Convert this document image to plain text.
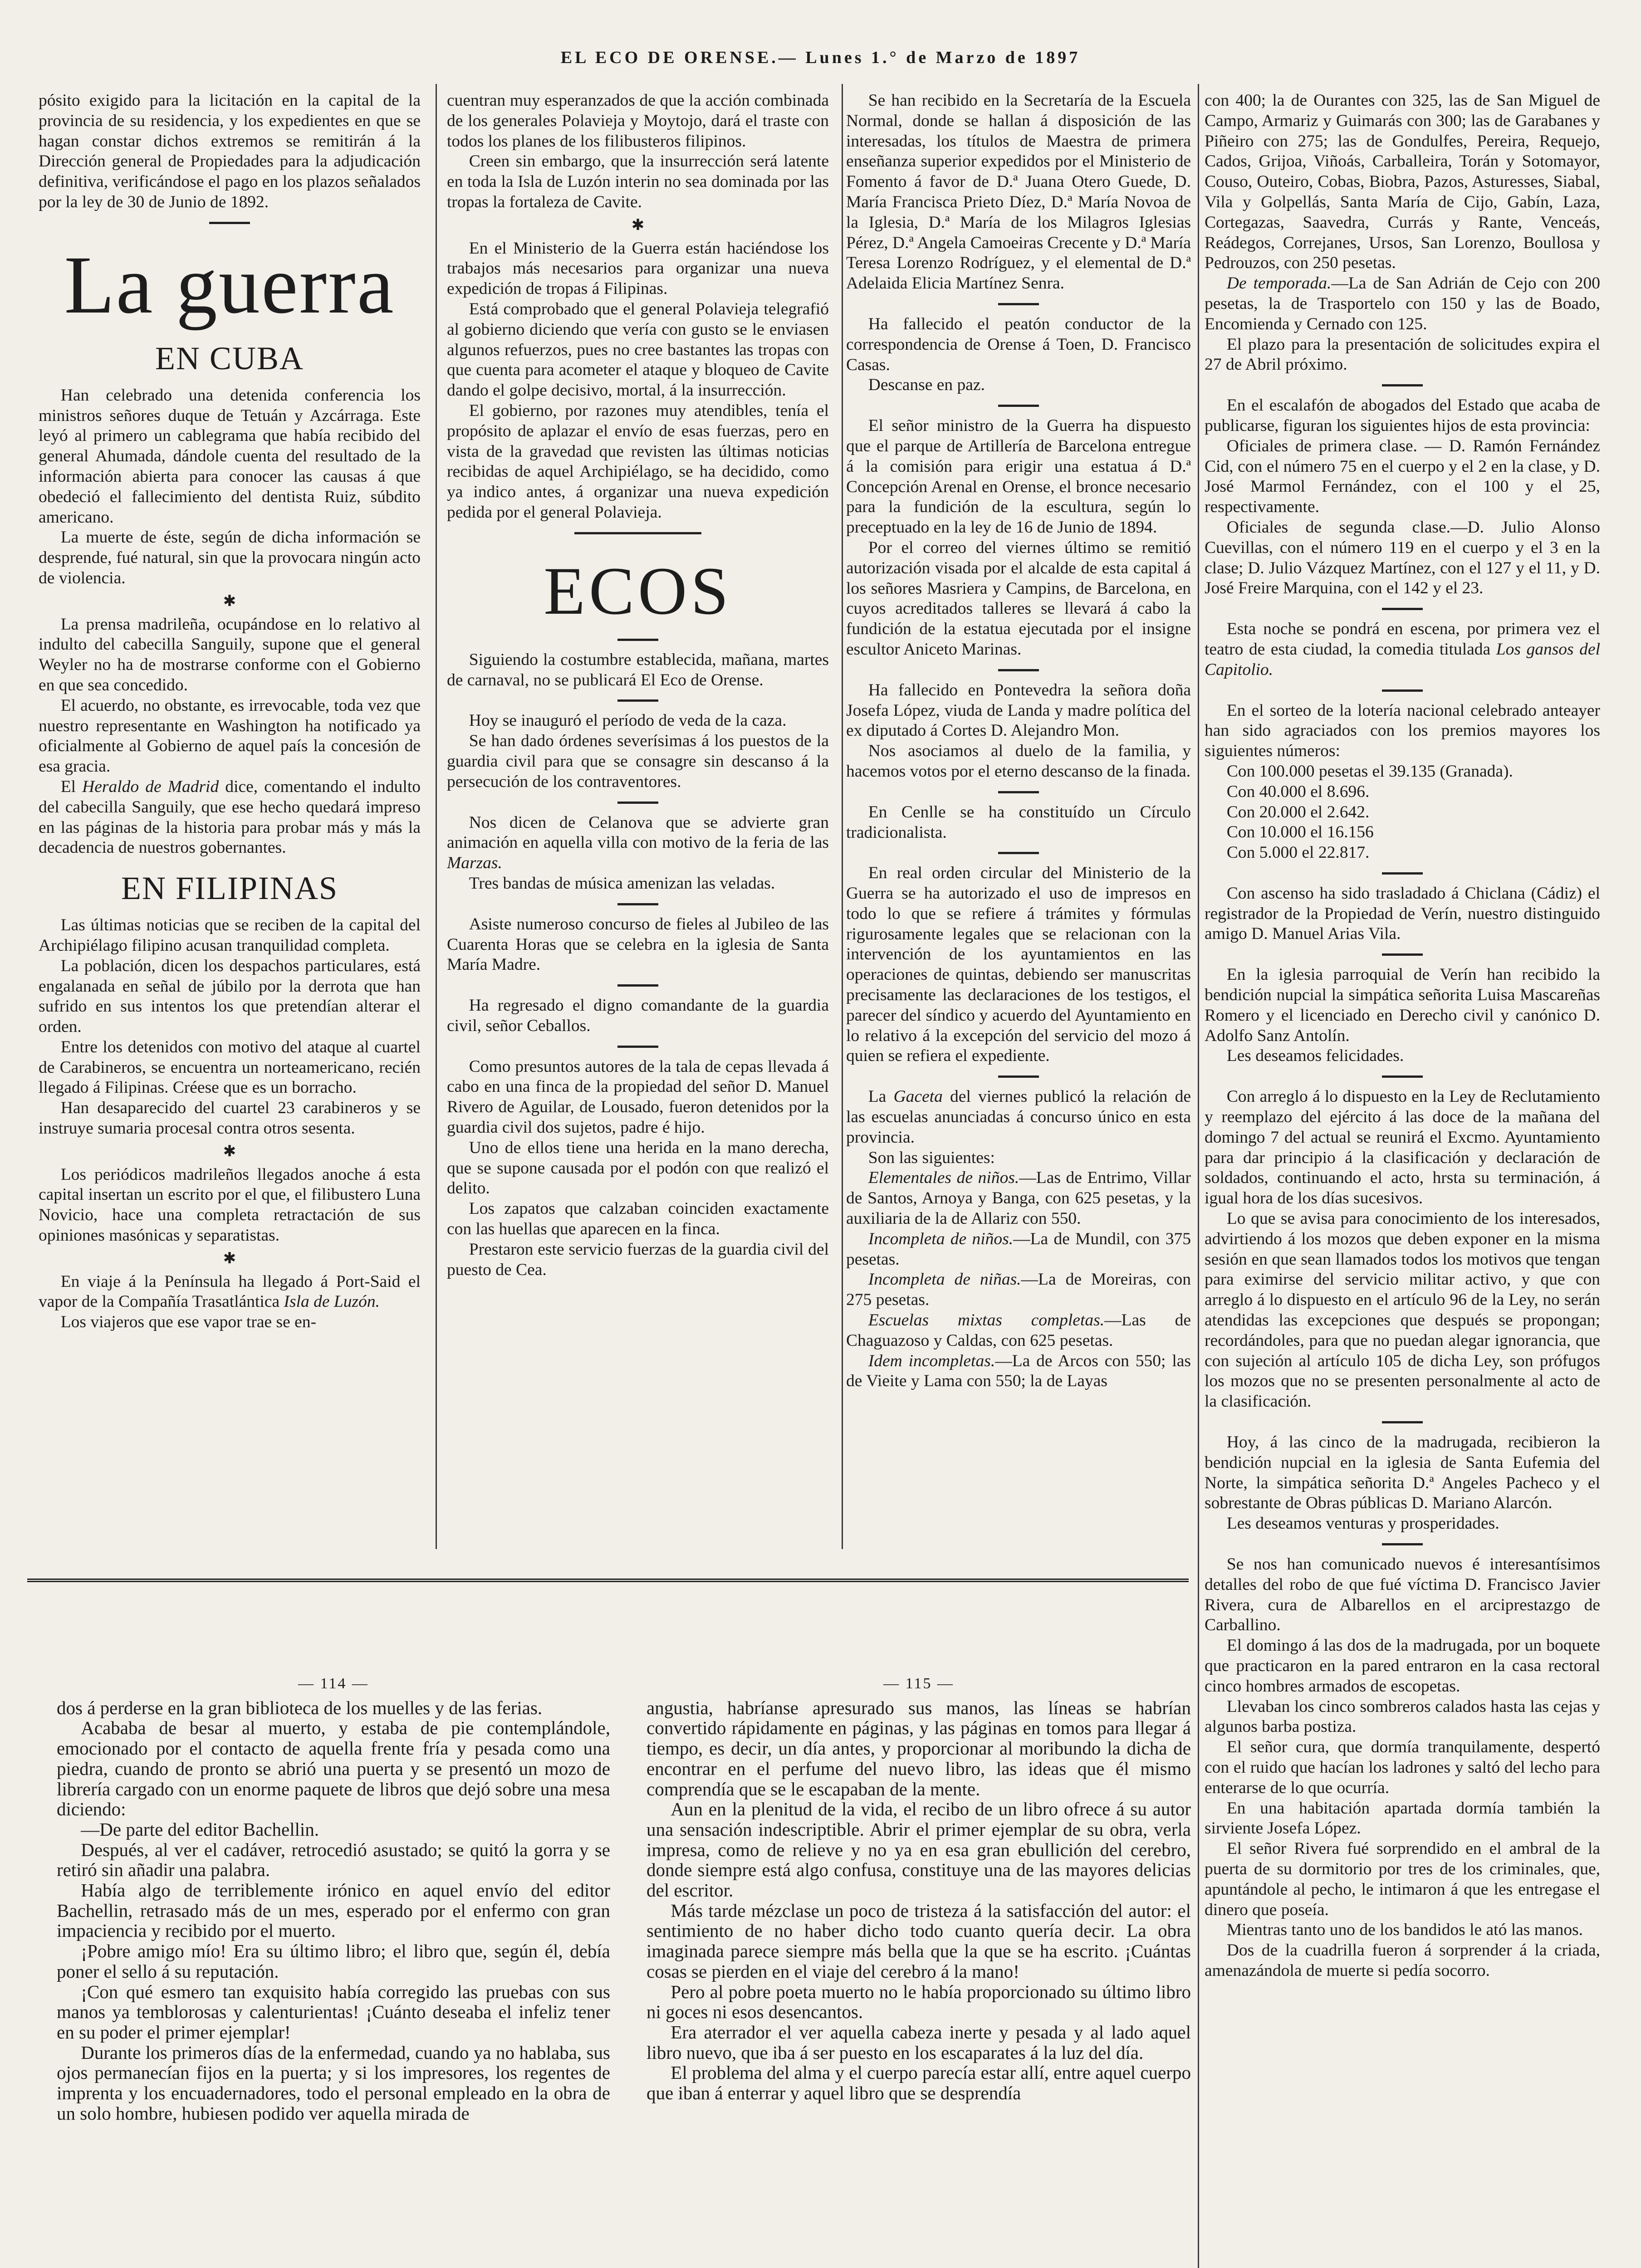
EL ECO DE ORENSE.— Lunes 1.° de Marzo de 1897

pósito exigido para la licitación en la capital de la provincia de su residencia, y los expedientes en que se hagan constar dichos extremos se remitirán á la Dirección general de Propiedades para la adjudicación definitiva, verificándose el pago en los plazos señalados por la ley de 30 de Junio de 1892.

La guerra
EN CUBA

Han celebrado una detenida conferencia los ministros señores duque de Tetuán y Azcárraga. Este leyó al primero un cablegrama que había recibido del general Ahumada, dándole cuenta del resultado de la información abierta para conocer las causas á que obedeció el fallecimiento del dentista Ruiz, súbdito americano.

La muerte de éste, según de dicha información se desprende, fué natural, sin que la provocara ningún acto de violencia.

✱

La prensa madrileña, ocupándose en lo relativo al indulto del cabecilla Sanguily, supone que el general Weyler no ha de mostrarse conforme con el Gobierno en que sea concedido.

El acuerdo, no obstante, es irrevocable, toda vez que nuestro representante en Washington ha notificado ya oficialmente al Gobierno de aquel país la concesión de esa gracia.

El Heraldo de Madrid dice, comentando el indulto del cabecilla Sanguily, que ese hecho quedará impreso en las páginas de la historia para probar más y más la decadencia de nuestros gobernantes.

EN FILIPINAS

Las últimas noticias que se reciben de la capital del Archipiélago filipino acusan tranquilidad completa.

La población, dicen los despachos particulares, está engalanada en señal de júbilo por la derrota que han sufrido en sus intentos los que pretendían alterar el orden.

Entre los detenidos con motivo del ataque al cuartel de Carabineros, se encuentra un norteamericano, recién llegado á Filipinas. Créese que es un borracho.

Han desaparecido del cuartel 23 carabineros y se instruye sumaria procesal contra otros sesenta.

✱

Los periódicos madrileños llegados anoche á esta capital insertan un escrito por el que, el filibustero Luna Novicio, hace una completa retractación de sus opiniones masónicas y separatistas.

✱

En viaje á la Península ha llegado á Port-Said el vapor de la Compañía Trasatlántica Isla de Luzón.

Los viajeros que ese vapor trae se en-

cuentran muy esperanzados de que la acción combinada de los generales Polavieja y Moytojo, dará el traste con todos los planes de los filibusteros filipinos.

Creen sin embargo, que la insurrección será latente en toda la Isla de Luzón interin no sea dominada por las tropas la fortaleza de Cavite.

✱

En el Ministerio de la Guerra están haciéndose los trabajos más necesarios para organizar una nueva expedición de tropas á Filipinas.

Está comprobado que el general Polavieja telegrafió al gobierno diciendo que vería con gusto se le enviasen algunos refuerzos, pues no cree bastantes las tropas con que cuenta para acometer el ataque y bloqueo de Cavite dando el golpe decisivo, mortal, á la insurrección.

El gobierno, por razones muy atendibles, tenía el propósito de aplazar el envío de esas fuerzas, pero en vista de la gravedad que revisten las últimas noticias recibidas de aquel Archipiélago, se ha decidido, como ya indico antes, á organizar una nueva expedición pedida por el general Polavieja.

ECOS

Siguiendo la costumbre establecida, mañana, martes de carnaval, no se publicará El Eco de Orense.

Hoy se inauguró el período de veda de la caza.

Se han dado órdenes severísimas á los puestos de la guardia civil para que se consagre sin descanso á la persecución de los contraventores.

Nos dicen de Celanova que se advierte gran animación en aquella villa con motivo de la feria de las Marzas.

Tres bandas de música amenizan las veladas.

Asiste numeroso concurso de fieles al Jubileo de las Cuarenta Horas que se celebra en la iglesia de Santa María Madre.

Ha regresado el digno comandante de la guardia civil, señor Ceballos.

Como presuntos autores de la tala de cepas llevada á cabo en una finca de la propiedad del señor D. Manuel Rivero de Aguilar, de Lousado, fueron detenidos por la guardia civil dos sujetos, padre é hijo.

Uno de ellos tiene una herida en la mano derecha, que se supone causada por el podón con que realizó el delito.

Los zapatos que calzaban coinciden exactamente con las huellas que aparecen en la finca.

Prestaron este servicio fuerzas de la guardia civil del puesto de Cea.

Se han recibido en la Secretaría de la Escuela Normal, donde se hallan á disposición de las interesadas, los títulos de Maestra de primera enseñanza superior expedidos por el Ministerio de Fomento á favor de D.ª Juana Otero Guede, D. María Francisca Prieto Díez, D.ª María Novoa de la Iglesia, D.ª María de los Milagros Iglesias Pérez, D.ª Angela Camoeiras Crecente y D.ª María Teresa Lorenzo Rodríguez, y el elemental de D.ª Adelaida Elicia Martínez Senra.

Ha fallecido el peatón conductor de la correspondencia de Orense á Toen, D. Francisco Casas.

Descanse en paz.

El señor ministro de la Guerra ha dispuesto que el parque de Artillería de Barcelona entregue á la comisión para erigir una estatua á D.ª Concepción Arenal en Orense, el bronce necesario para la fundición de la escultura, según lo preceptuado en la ley de 16 de Junio de 1894.

Por el correo del viernes último se remitió autorización visada por el alcalde de esta capital á los señores Masriera y Campins, de Barcelona, en cuyos acreditados talleres se llevará á cabo la fundición de la estatua ejecutada por el insigne escultor Aniceto Marinas.

Ha fallecido en Pontevedra la señora doña Josefa López, viuda de Landa y madre política del ex diputado á Cortes D. Alejandro Mon.

Nos asociamos al duelo de la familia, y hacemos votos por el eterno descanso de la finada.

En Cenlle se ha constituído un Círculo tradicionalista.

En real orden circular del Ministerio de la Guerra se ha autorizado el uso de impresos en todo lo que se refiere á trámites y fórmulas rigurosamente legales que se relacionan con la intervención de los ayuntamientos en las operaciones de quintas, debiendo ser manuscritas precisamente las declaraciones de los testigos, el parecer del síndico y acuerdo del Ayuntamiento en lo relativo á la excepción del servicio del mozo á quien se refiera el expediente.

La Gaceta del viernes publicó la relación de las escuelas anunciadas á concurso único en esta provincia.

Son las siguientes:

Elementales de niños.—Las de Entrimo, Villar de Santos, Arnoya y Banga, con 625 pesetas, y la auxiliaria de la de Allariz con 550.

Incompleta de niños.—La de Mundil, con 375 pesetas.

Incompleta de niñas.—La de Moreiras, con 275 pesetas.

Escuelas mixtas completas.—Las de Chaguazoso y Caldas, con 625 pesetas.

Idem incompletas.—La de Arcos con 550; las de Vieite y Lama con 550; la de Layas

con 400; la de Ourantes con 325, las de San Miguel de Campo, Armariz y Guimarás con 300; las de Garabanes y Piñeiro con 275; las de Gondulfes, Pereira, Requejo, Cados, Grijoa, Viñoás, Carballeira, Torán y Sotomayor, Couso, Outeiro, Cobas, Biobra, Pazos, Asturesses, Siabal, Vila y Golpellás, Santa María de Cijo, Gabín, Laza, Cortegazas, Saavedra, Currás y Rante, Venceás, Reádegos, Correjanes, Ursos, San Lorenzo, Boullosa y Pedrouzos, con 250 pesetas.

De temporada.—La de San Adrián de Cejo con 200 pesetas, la de Trasportelo con 150 y las de Boado, Encomienda y Cernado con 125.

El plazo para la presentación de solicitudes expira el 27 de Abril próximo.

En el escalafón de abogados del Estado que acaba de publicarse, figuran los siguientes hijos de esta provincia:

Oficiales de primera clase. — D. Ramón Fernández Cid, con el número 75 en el cuerpo y el 2 en la clase, y D. José Marmol Fernández, con el 100 y el 25, respectivamente.

Oficiales de segunda clase.—D. Julio Alonso Cuevillas, con el número 119 en el cuerpo y el 3 en la clase; D. Julio Vázquez Martínez, con el 127 y el 11, y D. José Freire Marquina, con el 142 y el 23.

Esta noche se pondrá en escena, por primera vez el teatro de esta ciudad, la comedia titulada Los gansos del Capitolio.

En el sorteo de la lotería nacional celebrado anteayer han sido agraciados con los premios mayores los siguientes números:

Con 100.000 pesetas el 39.135 (Granada).

Con 40.000 el 8.696.

Con 20.000 el 2.642.

Con 10.000 el 16.156

Con 5.000 el 22.817.

Con ascenso ha sido trasladado á Chiclana (Cádiz) el registrador de la Propiedad de Verín, nuestro distinguido amigo D. Manuel Arias Vila.

En la iglesia parroquial de Verín han recibido la bendición nupcial la simpática señorita Luisa Mascareñas Romero y el licenciado en Derecho civil y canónico D. Adolfo Sanz Antolín.

Les deseamos felicidades.

Con arreglo á lo dispuesto en la Ley de Reclutamiento y reemplazo del ejército á las doce de la mañana del domingo 7 del actual se reunirá el Excmo. Ayuntamiento para dar principio á la clasificación y declaración de soldados, continuando el acto, hrsta su terminación, á igual hora de los días sucesivos.

Lo que se avisa para conocimiento de los interesados, advirtiendo á los mozos que deben exponer en la misma sesión en que sean llamados todos los motivos que tengan para eximirse del servicio militar activo, y que con arreglo á lo dispuesto en el artículo 96 de la Ley, no serán atendidas las excepciones que después se propongan; recordándoles, para que no puedan alegar ignorancia, que con sujeción al artículo 105 de dicha Ley, son prófugos los mozos que no se presenten personalmente al acto de la clasificación.

Hoy, á las cinco de la madrugada, recibieron la bendición nupcial en la iglesia de Santa Eufemia del Norte, la simpática señorita D.ª Angeles Pacheco y el sobrestante de Obras públicas D. Mariano Alarcón.

Les deseamos venturas y prosperidades.

Se nos han comunicado nuevos é interesantísimos detalles del robo de que fué víctima D. Francisco Javier Rivera, cura de Albarellos en el arciprestazgo de Carballino.

El domingo á las dos de la madrugada, por un boquete que practicaron en la pared entraron en la casa rectoral cinco hombres armados de escopetas.

Llevaban los cinco sombreros calados hasta las cejas y algunos barba postiza.

El señor cura, que dormía tranquilamente, despertó con el ruido que hacían los ladrones y saltó del lecho para enterarse de lo que ocurría.

En una habitación apartada dormía también la sirviente Josefa López.

El señor Rivera fué sorprendido en el ambral de la puerta de su dormitorio por tres de los criminales, que, apuntándole al pecho, le intimaron á que les entregase el dinero que poseía.

Mientras tanto uno de los bandidos le ató las manos.

Dos de la cuadrilla fueron á sorprender á la criada, amenazándola de muerte si pedía socorro.

— 114 —

dos á perderse en la gran biblioteca de los muelles y de las ferias.

Acababa de besar al muerto, y estaba de pie contemplándole, emocionado por el contacto de aquella frente fría y pesada como una piedra, cuando de pronto se abrió una puerta y se presentó un mozo de librería cargado con un enorme paquete de libros que dejó sobre una mesa diciendo:

—De parte del editor Bachellin.

Después, al ver el cadáver, retrocedió asustado; se quitó la gorra y se retiró sin añadir una palabra.

Había algo de terriblemente irónico en aquel envío del editor Bachellin, retrasado más de un mes, esperado por el enfermo con gran impaciencia y recibido por el muerto.

¡Pobre amigo mío! Era su último libro; el libro que, según él, debía poner el sello á su reputación.

¡Con qué esmero tan exquisito había corregido las pruebas con sus manos ya temblorosas y calenturientas! ¡Cuánto deseaba el infeliz tener en su poder el primer ejemplar!

Durante los primeros días de la enfermedad, cuando ya no hablaba, sus ojos permanecían fijos en la puerta; y si los impresores, los regentes de imprenta y los encuadernadores, todo el personal empleado en la obra de un solo hombre, hubiesen podido ver aquella mirada de

— 115 —

angustia, habríanse apresurado sus manos, las líneas se habrían convertido rápidamente en páginas, y las páginas en tomos para llegar á tiempo, es decir, un día antes, y proporcionar al moribundo la dicha de encontrar en el perfume del nuevo libro, las ideas que él mismo comprendía que se le escapaban de la mente.

Aun en la plenitud de la vida, el recibo de un libro ofrece á su autor una sensación indescriptible. Abrir el primer ejemplar de su obra, verla impresa, como de relieve y no ya en esa gran ebullición del cerebro, donde siempre está algo confusa, constituye una de las mayores delicias del escritor.

Más tarde mézclase un poco de tristeza á la satisfacción del autor: el sentimiento de no haber dicho todo cuanto quería decir. La obra imaginada parece siempre más bella que la que se ha escrito. ¡Cuántas cosas se pierden en el viaje del cerebro á la mano!

Pero al pobre poeta muerto no le había proporcionado su último libro ni goces ni esos desencantos.

Era aterrador el ver aquella cabeza inerte y pesada y al lado aquel libro nuevo, que iba á ser puesto en los escaparates á la luz del día.

El problema del alma y el cuerpo parecía estar allí, entre aquel cuerpo que iban á enterrar y aquel libro que se desprendía
